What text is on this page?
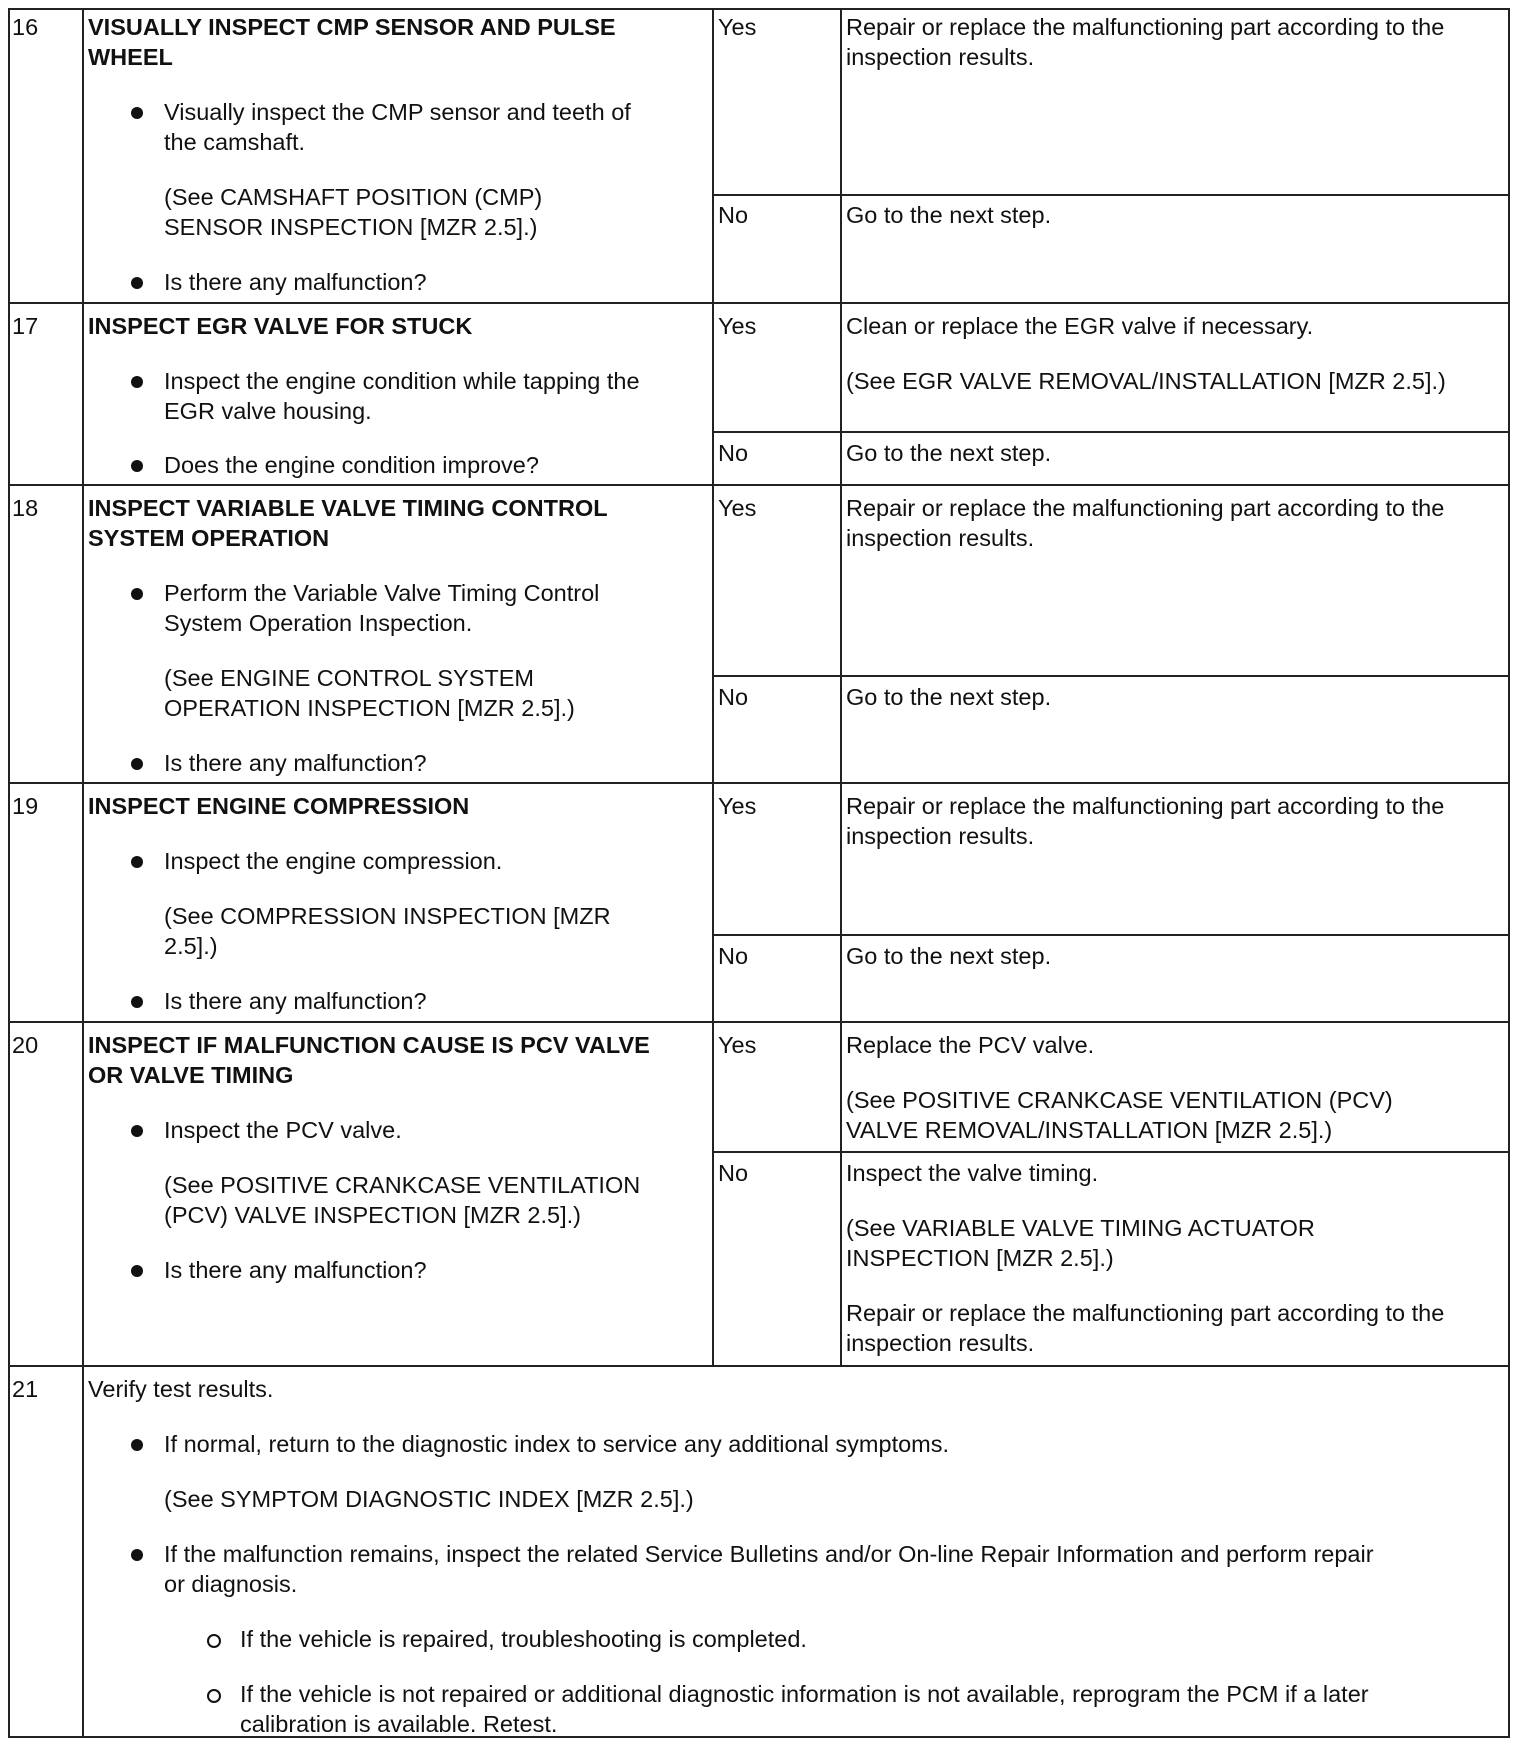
16 VISUALLY INSPECT CMP SENSOR AND PULSE
WHEEL
Visually inspect the CMP sensor and teeth of
the camshaft.
(See CAMSHAFT POSITION (CMP)
SENSOR INSPECTION [MZR 2.5].)
Is there any malfunction?
Yes	Repair or replace the malfunctioning part according to the
inspection results.
No	Go to the next step.
17 INSPECT EGR VALVE FOR STUCK
Inspect the engine condition while tapping the
EGR valve housing.
Does the engine condition improve?
Yes	Clean or replace the EGR valve if necessary.
(See EGR VALVE REMOVAL/INSTALLATION [MZR 2.5].)
No	Go to the next step.
18 INSPECT VARIABLE VALVE TIMING CONTROL
SYSTEM OPERATION
Perform the Variable Valve Timing Control
System Operation Inspection.
(See ENGINE CONTROL SYSTEM
OPERATION INSPECTION [MZR 2.5].)
Is there any malfunction?
Yes	Repair or replace the malfunctioning part according to the
inspection results.
No	Go to the next step.
19 INSPECT ENGINE COMPRESSION
Inspect the engine compression.
(See COMPRESSION INSPECTION [MZR
2.5].)
Is there any malfunction?
Yes	Repair or replace the malfunctioning part according to the
inspection results.
No	Go to the next step.
20 INSPECT IF MALFUNCTION CAUSE IS PCV VALVE
OR VALVE TIMING
Inspect the PCV valve.
(See POSITIVE CRANKCASE VENTILATION
(PCV) VALVE INSPECTION [MZR 2.5].)
Is there any malfunction?
Yes	Replace the PCV valve.
(See POSITIVE CRANKCASE VENTILATION (PCV)
VALVE REMOVAL/INSTALLATION [MZR 2.5].)
No	Inspect the valve timing.
(See VARIABLE VALVE TIMING ACTUATOR
INSPECTION [MZR 2.5].)
Repair or replace the malfunctioning part according to the
inspection results.
21 Verify test results.
If normal, return to the diagnostic index to service any additional symptoms.
(See SYMPTOM DIAGNOSTIC INDEX [MZR 2.5].)
If the malfunction remains, inspect the related Service Bulletins and/or On-line Repair Information and perform repair
or diagnosis.
If the vehicle is repaired, troubleshooting is completed.
If the vehicle is not repaired or additional diagnostic information is not available, reprogram the PCM if a later
calibration is available. Retest.
